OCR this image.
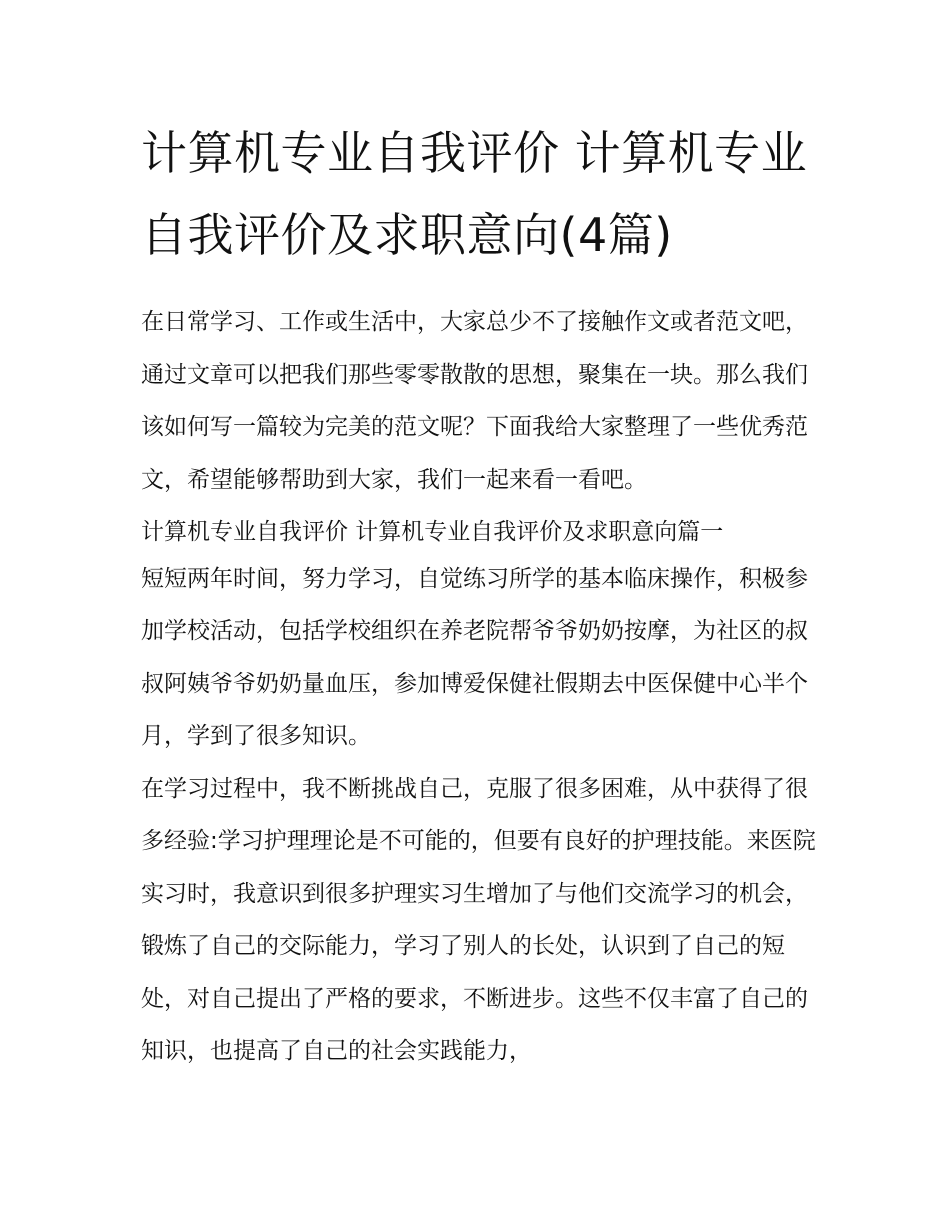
计算机专业自我评价 计算机专业自我评价及求职意向(4篇)

在日常学习、工作或生活中，大家总少不了接触作文或者范文吧，通过文章可以把我们那些零零散散的思想，聚集在一块。那么我们该如何写一篇较为完美的范文呢？下面我给大家整理了一些优秀范文，希望能够帮助到大家，我们一起来看一看吧。

计算机专业自我评价 计算机专业自我评价及求职意向篇一

短短两年时间，努力学习，自觉练习所学的基本临床操作，积极参加学校活动，包括学校组织在养老院帮爷爷奶奶按摩，为社区的叔叔阿姨爷爷奶奶量血压，参加博爱保健社假期去中医保健中心半个月，学到了很多知识。

在学习过程中，我不断挑战自己，克服了很多困难，从中获得了很多经验:学习护理理论是不可能的，但要有良好的护理技能。来医院实习时，我意识到很多护理实习生增加了与他们交流学习的机会，锻炼了自己的交际能力，学习了别人的长处，认识到了自己的短处，对自己提出了严格的要求，不断进步。这些不仅丰富了自己的知识，也提高了自己的社会实践能力，
